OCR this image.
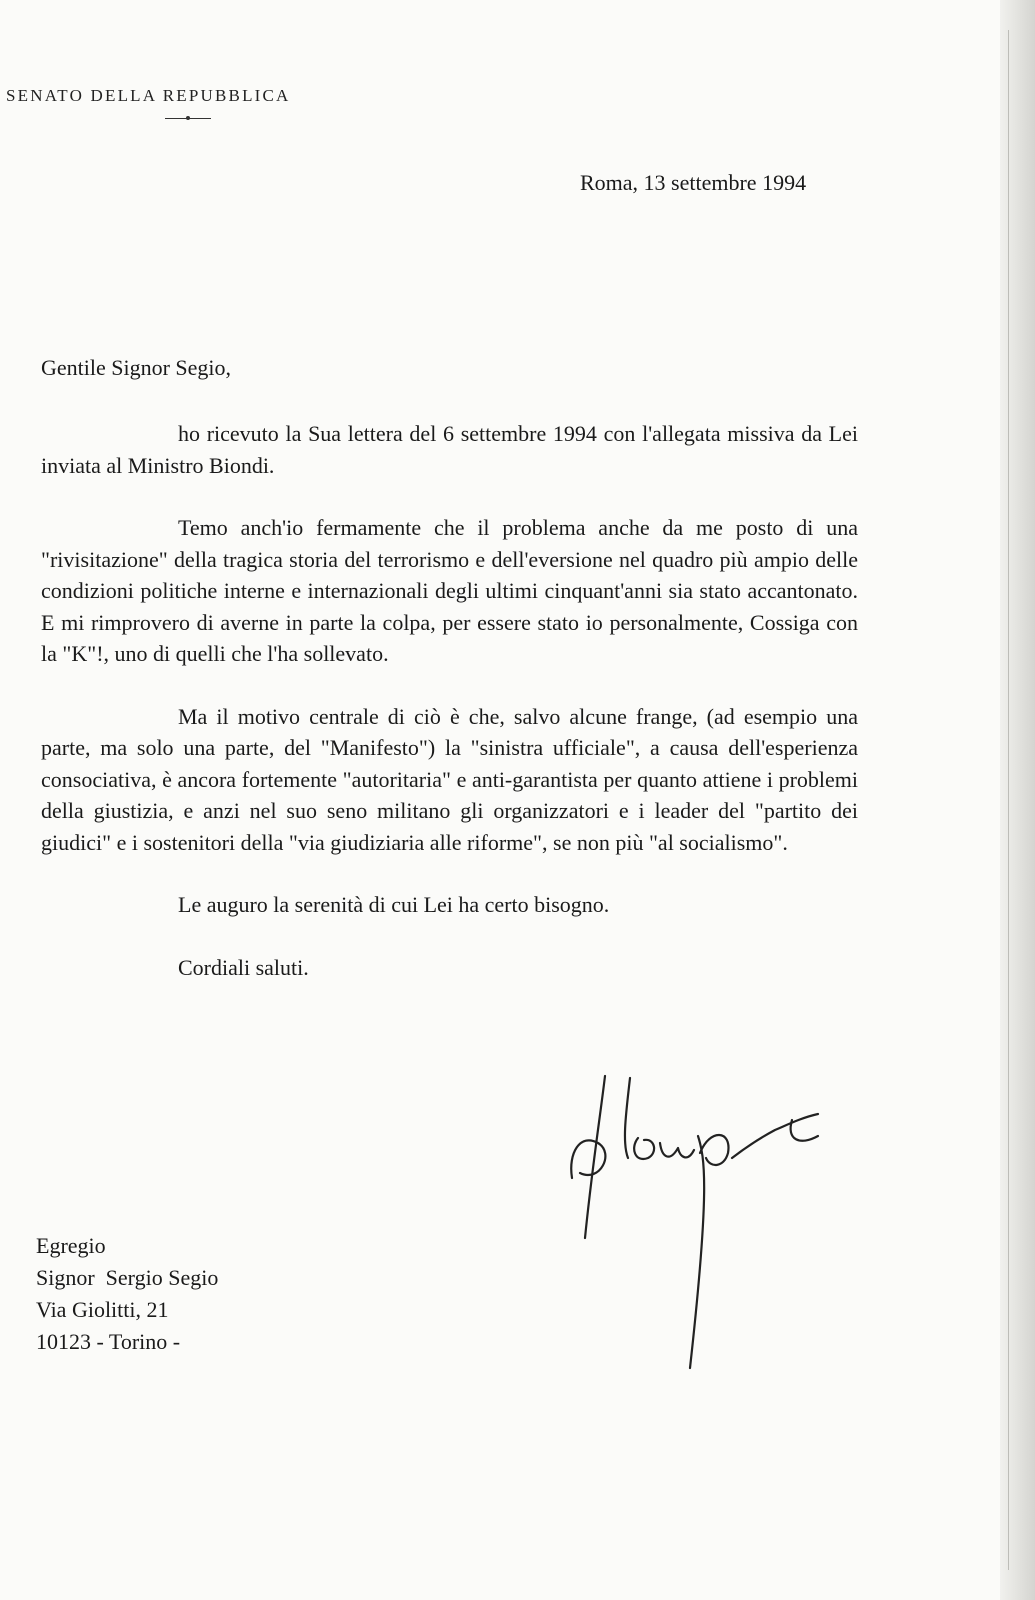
SENATO DELLA REPUBBLICA
Roma, 13 settembre 1994
Gentile Signor Segio,

ho ricevuto la Sua lettera del 6 settembre 1994 con l'allegata missiva da Lei inviata al Ministro Biondi.

Temo anch'io fermamente che il problema anche da me posto di una "rivisitazione" della tragica storia del terrorismo e dell'eversione nel quadro più ampio delle condizioni politiche interne e internazionali degli ultimi cinquant'anni sia stato accantonato. E mi rimprovero di averne in parte la colpa, per essere stato io personalmente, Cossiga con la "K"!, uno di quelli che l'ha sollevato.

Ma il motivo centrale di ciò è che, salvo alcune frange, (ad esempio una parte, ma solo una parte, del "Manifesto") la "sinistra ufficiale", a causa dell'esperienza consociativa, è ancora fortemente "autoritaria" e anti-garantista per quanto attiene i problemi della giustizia, e anzi nel suo seno militano gli organizzatori e i leader del "partito dei giudici" e i sostenitori della "via giudiziaria alle riforme", se non più "al socialismo".

Le auguro la serenità di cui Lei ha certo bisogno.

Cordiali saluti.

Egregio
Signor  Sergio Segio
Via Giolitti, 21
10123 - Torino -
